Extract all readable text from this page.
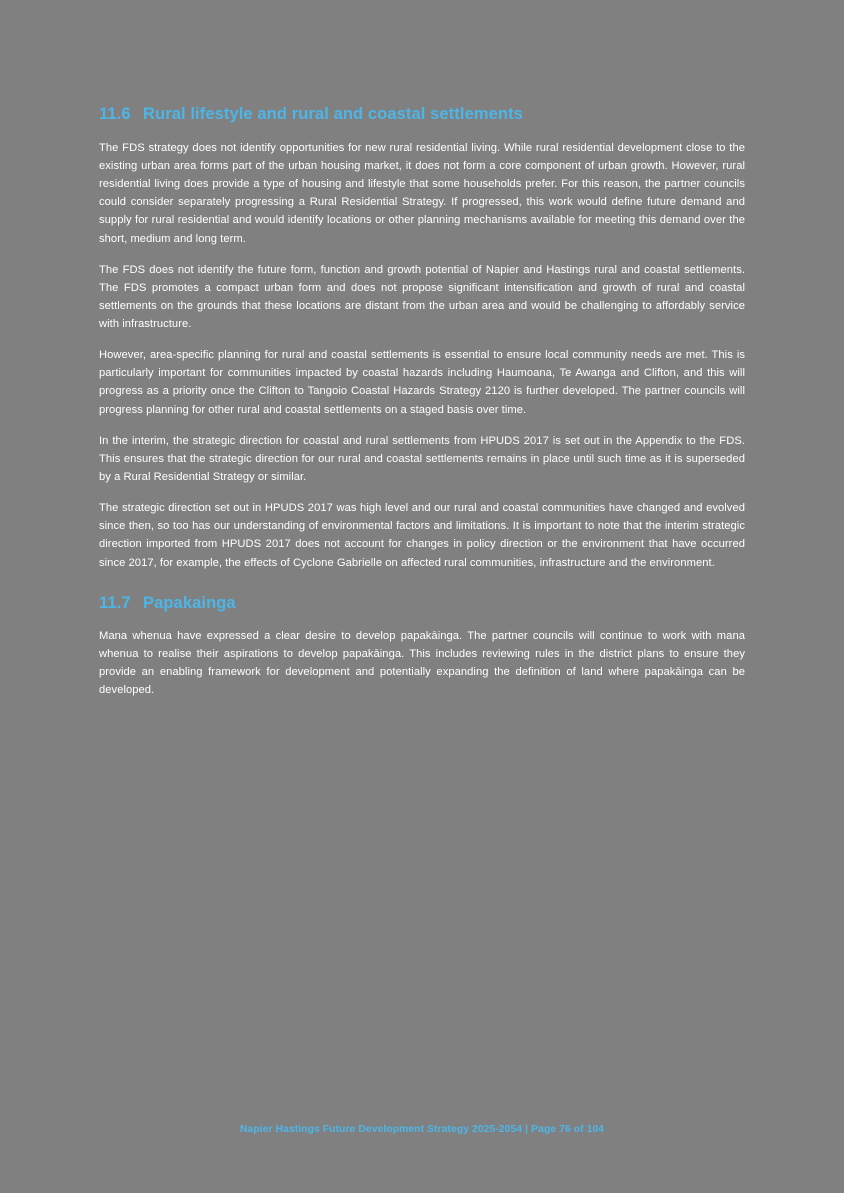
11.6 Rural lifestyle and rural and coastal settlements

The FDS strategy does not identify opportunities for new rural residential living. While rural residential development close to the existing urban area forms part of the urban housing market, it does not form a core component of urban growth. However, rural residential living does provide a type of housing and lifestyle that some households prefer. For this reason, the partner councils could consider separately progressing a Rural Residential Strategy. If progressed, this work would define future demand and supply for rural residential and would identify locations or other planning mechanisms available for meeting this demand over the short, medium and long term.

The FDS does not identify the future form, function and growth potential of Napier and Hastings rural and coastal settlements. The FDS promotes a compact urban form and does not propose significant intensification and growth of rural and coastal settlements on the grounds that these locations are distant from the urban area and would be challenging to affordably service with infrastructure.

However, area-specific planning for rural and coastal settlements is essential to ensure local community needs are met. This is particularly important for communities impacted by coastal hazards including Haumoana, Te Awanga and Clifton, and this will progress as a priority once the Clifton to Tangoio Coastal Hazards Strategy 2120 is further developed. The partner councils will progress planning for other rural and coastal settlements on a staged basis over time.

In the interim, the strategic direction for coastal and rural settlements from HPUDS 2017 is set out in the Appendix to the FDS. This ensures that the strategic direction for our rural and coastal settlements remains in place until such time as it is superseded by a Rural Residential Strategy or similar.

The strategic direction set out in HPUDS 2017 was high level and our rural and coastal communities have changed and evolved since then, so too has our understanding of environmental factors and limitations. It is important to note that the interim strategic direction imported from HPUDS 2017 does not account for changes in policy direction or the environment that have occurred since 2017, for example, the effects of Cyclone Gabrielle on affected rural communities, infrastructure and the environment.

11.7 Papakainga

Mana whenua have expressed a clear desire to develop papakāinga. The partner councils will continue to work with mana whenua to realise their aspirations to develop papakāinga. This includes reviewing rules in the district plans to ensure they provide an enabling framework for development and potentially expanding the definition of land where papakāinga can be developed.

Napier Hastings Future Development Strategy 2025-2054 | Page 76 of 104
